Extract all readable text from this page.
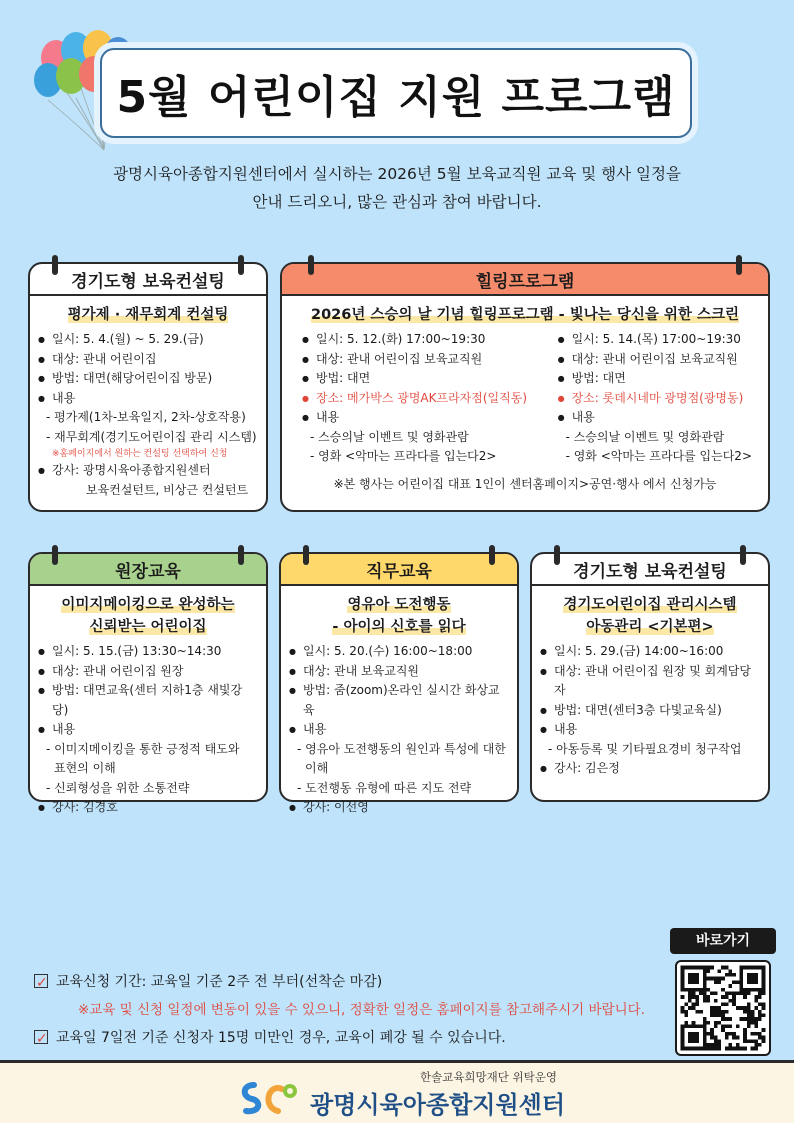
5월 어린이집 지원 프로그램
광명시육아종합지원센터에서 실시하는 2026년 5월 보육교직원 교육 및 행사 일정을
안내 드리오니, 많은 관심과 참여 바랍니다.
경기도형 보육컨설팅
평가제 · 재무회계 컨설팅
● 일시: 5. 4.(월) ~ 5. 29.(금)
● 대상: 관내 어린이집
● 방법: 대면(해당어린이집 방문)
● 내용
- 평가제(1차-보육일지, 2차-상호작용)
- 재무회계(경기도어린이집 관리 시스템)
※홈페이지에서 원하는 컨설팅 선택하여 신청
● 강사: 광명시육아종합지원센터
보육컨설턴트, 비상근 컨설턴트
힐링프로그램
2026년 스승의 날 기념 힐링프로그램 - 빛나는 당신을 위한 스크린
● 일시: 5. 12.(화) 17:00~19:30
● 대상: 관내 어린이집 보육교직원
● 방법: 대면
● 장소: 메가박스 광명AK프라자점(일직동)
● 내용
- 스승의날 이벤트 및 영화관람
- 영화 <악마는 프라다를 입는다2>
● 일시: 5. 14.(목) 17:00~19:30
● 대상: 관내 어린이집 보육교직원
● 방법: 대면
● 장소: 롯데시네마 광명점(광명동)
● 내용
- 스승의날 이벤트 및 영화관람
- 영화 <악마는 프라다를 입는다2>
※본 행사는 어린이집 대표 1인이 센터홈페이지>공연·행사 에서 신청가능
원장교육
이미지메이킹으로 완성하는
신뢰받는 어린이집
● 일시: 5. 15.(금) 13:30~14:30
● 대상: 관내 어린이집 원장
● 방법: 대면교육(센터 지하1층 새빛강당)
● 내용
- 이미지메이킹을 통한 긍정적 태도와
표현의 이해
- 신뢰형성을 위한 소통전략
● 강사: 김경호
직무교육
영유아 도전행동
- 아이의 신호를 읽다
● 일시: 5. 20.(수) 16:00~18:00
● 대상: 관내 보육교직원
● 방법: 줌(zoom)온라인 실시간 화상교육
● 내용
- 영유아 도전행동의 원인과 특성에 대한
이해
- 도전행동 유형에 따른 지도 전략
● 강사: 이선영
경기도형 보육컨설팅
경기도어린이집 관리시스템
아동관리 <기본편>
● 일시: 5. 29.(금) 14:00~16:00
● 대상: 관내 어린이집 원장 및 회계담당자
● 방법: 대면(센터3층 다빛교육실)
● 내용
- 아동등록 및 기타필요경비 청구작업
● 강사: 김은정
✓교육신청 기간: 교육일 기준 2주 전 부터(선착순 마감)
※교육 및 신청 일정에 변동이 있을 수 있으니, 정확한 일정은 홈페이지를 참고해주시기 바랍니다.
✓교육일 7일전 기준 신청자 15명 미만인 경우, 교육이 폐강 될 수 있습니다.
바로가기
한솔교육희망재단 위탁운영
광명시육아종합지원센터
